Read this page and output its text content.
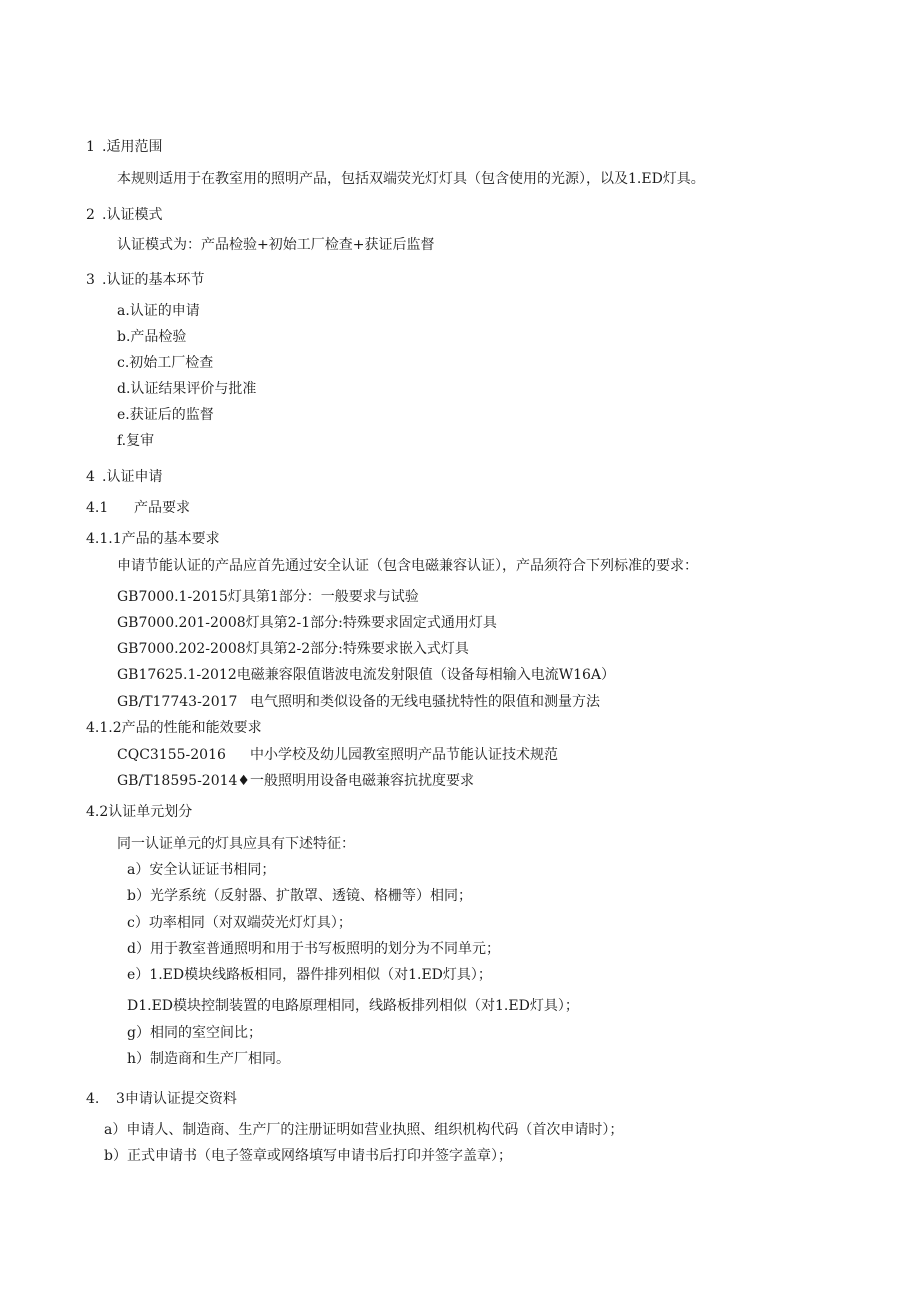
1 .适用范围
本规则适用于在教室用的照明产品，包括双端荧光灯灯具（包含使用的光源），以及1.ED灯具。
2 .认证模式
认证模式为：产品检验+初始工厂检查+获证后监督
3 .认证的基本环节
a.认证的申请
b.产品检验
c.初始工厂检查
d.认证结果评价与批准
e.获证后的监督
f.复审
4 .认证申请
4.1 产品要求
4.1.1产品的基本要求
申请节能认证的产品应首先通过安全认证（包含电磁兼容认证），产品须符合下列标准的要求：
GB7000.1-2015灯具第1部分：一般要求与试验
GB7000.201-2008灯具第2-1部分:特殊要求固定式通用灯具
GB7000.202-2008灯具第2-2部分:特殊要求嵌入式灯具
GB17625.1-2012电磁兼容限值谐波电流发射限值（设备每相输入电流W16A）
GB/T17743-2017 电气照明和类似设备的无线电骚扰特性的限值和测量方法
4.1.2产品的性能和能效要求
CQC3155-2016 中小学校及幼儿园教室照明产品节能认证技术规范
GB/T18595-2014♦一般照明用设备电磁兼容抗扰度要求
4.2认证单元划分
同一认证单元的灯具应具有下述特征：
a）安全认证证书相同；
b）光学系统（反射器、扩散罩、透镜、格栅等）相同；
c）功率相同（对双端荧光灯灯具）；
d）用于教室普通照明和用于书写板照明的划分为不同单元；
e）1.ED模块线路板相同，器件排列相似（对1.ED灯具）；
D1.ED模块控制装置的电路原理相同，线路板排列相似（对1.ED灯具）；
g）相同的室空间比；
h）制造商和生产厂相同。
4. 3申请认证提交资料
a）申请人、制造商、生产厂的注册证明如营业执照、组织机构代码（首次申请时）；
b）正式申请书（电子签章或网络填写申请书后打印并签字盖章）；
